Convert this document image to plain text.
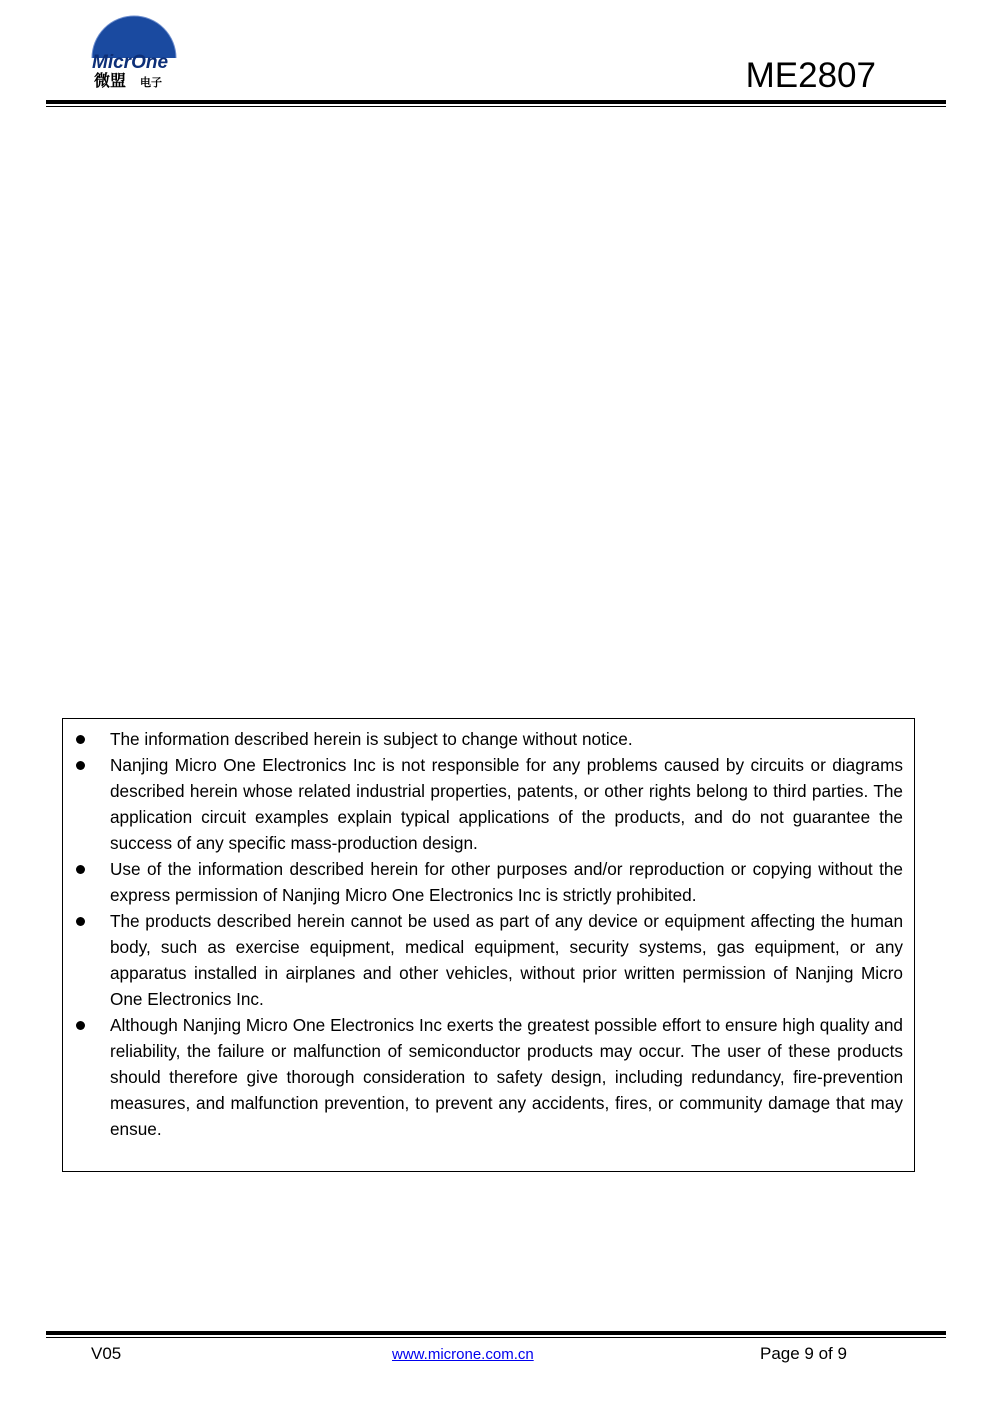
MicrOne
微盟 电子	ME2807
The information described herein is subject to change without notice.
Nanjing Micro One Electronics Inc is not responsible for any problems caused by circuits or diagrams described herein whose related industrial properties, patents, or other rights belong to third parties. The application circuit examples explain typical applications of the products, and do not guarantee the success of any specific mass-production design.
Use of the information described herein for other purposes and/or reproduction or copying without the express permission of Nanjing Micro One Electronics Inc is strictly prohibited.
The products described herein cannot be used as part of any device or equipment affecting the human body, such as exercise equipment, medical equipment, security systems, gas equipment, or any apparatus installed in airplanes and other vehicles, without prior written permission of Nanjing Micro One Electronics Inc.
Although Nanjing Micro One Electronics Inc exerts the greatest possible effort to ensure high quality and reliability, the failure or malfunction of semiconductor products may occur. The user of these products should therefore give thorough consideration to safety design, including redundancy, fire-prevention measures, and malfunction prevention, to prevent any accidents, fires, or community damage that may ensue.
V05	www.microne.com.cn	Page 9 of 9
